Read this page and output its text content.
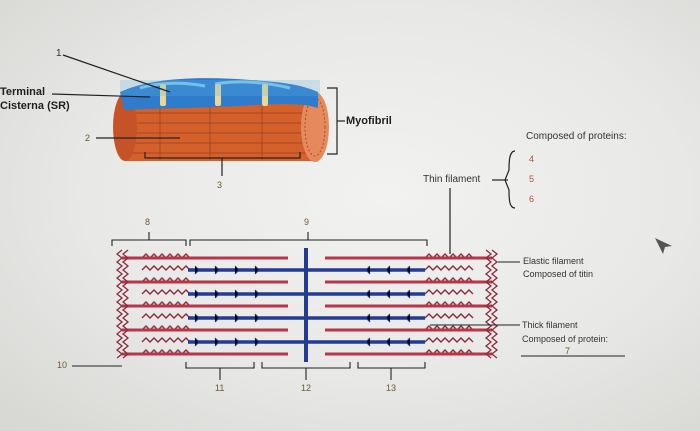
1
Terminal
Cisterna (SR)
2
3
Myofibril
Composed of proteins:
Thin filament
4
5
6
8	9
Elastic filament
Composed of titin
Thick filament
Composed of protein:
7
10
11	12	13
